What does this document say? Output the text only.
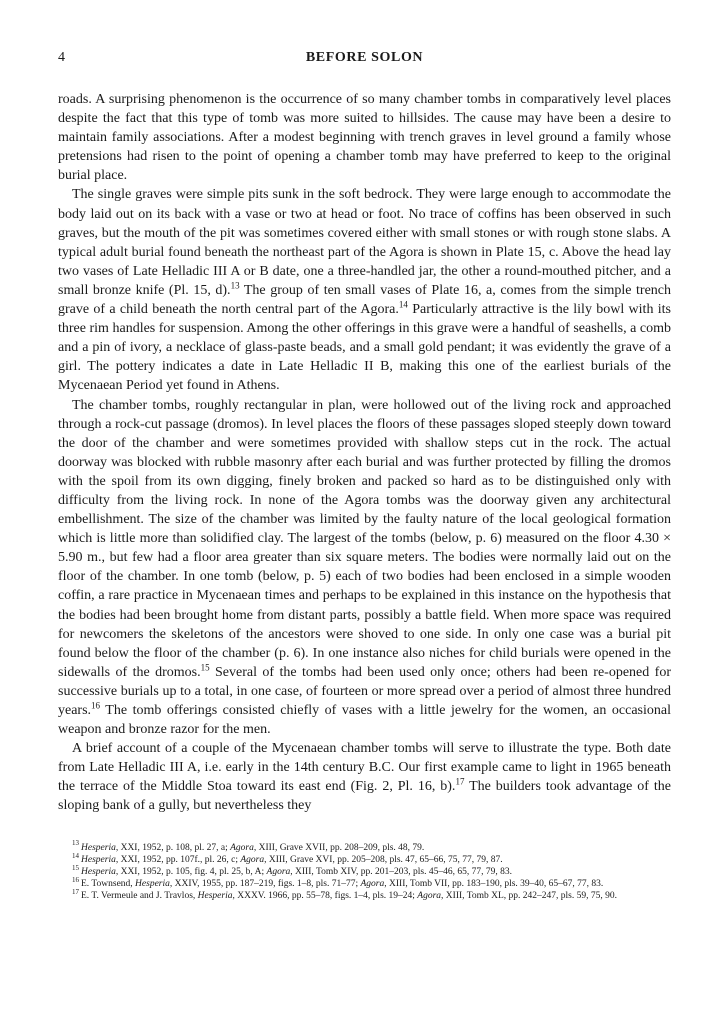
4	BEFORE SOLON

roads. A surprising phenomenon is the occurrence of so many chamber tombs in comparatively level places despite the fact that this type of tomb was more suited to hillsides. The cause may have been a desire to maintain family associations. After a modest beginning with trench graves in level ground a family whose pretensions had risen to the point of opening a chamber tomb may have preferred to keep to the original burial place.

The single graves were simple pits sunk in the soft bedrock. They were large enough to accommodate the body laid out on its back with a vase or two at head or foot. No trace of coffins has been observed in such graves, but the mouth of the pit was sometimes covered either with small stones or with rough stone slabs. A typical adult burial found beneath the northeast part of the Agora is shown in Plate 15, c. Above the head lay two vases of Late Helladic III A or B date, one a three-handled jar, the other a round-mouthed pitcher, and a small bronze knife (Pl. 15, d).$^{13}$ The group of ten small vases of Plate 16, a, comes from the simple trench grave of a child beneath the north central part of the Agora.$^{14}$ Particularly attractive is the lily bowl with its three rim handles for suspension. Among the other offerings in this grave were a handful of seashells, a comb and a pin of ivory, a necklace of glass-paste beads, and a small gold pendant; it was evidently the grave of a girl. The pottery indicates a date in Late Helladic II B, making this one of the earliest burials of the Mycenaean Period yet found in Athens.

The chamber tombs, roughly rectangular in plan, were hollowed out of the living rock and approached through a rock-cut passage (dromos). In level places the floors of these passages sloped steeply down toward the door of the chamber and were sometimes provided with shallow steps cut in the rock. The actual doorway was blocked with rubble masonry after each burial and was further protected by filling the dromos with the spoil from its own digging, finely broken and packed so hard as to be distinguished only with difficulty from the living rock. In none of the Agora tombs was the doorway given any architectural embellishment. The size of the chamber was limited by the faulty nature of the local geological formation which is little more than solidified clay. The largest of the tombs (below, p. 6) measured on the floor 4.30 × 5.90 m., but few had a floor area greater than six square meters. The bodies were normally laid out on the floor of the chamber. In one tomb (below, p. 5) each of two bodies had been enclosed in a simple wooden coffin, a rare practice in Mycenaean times and perhaps to be explained in this instance on the hypothesis that the bodies had been brought home from distant parts, possibly a battle field. When more space was required for newcomers the skeletons of the ancestors were shoved to one side. In only one case was a burial pit found below the floor of the chamber (p. 6). In one instance also niches for child burials were opened in the sidewalls of the dromos.$^{15}$ Several of the tombs had been used only once; others had been re-opened for successive burials up to a total, in one case, of fourteen or more spread over a period of almost three hundred years.$^{16}$ The tomb offerings consisted chiefly of vases with a little jewelry for the women, an occasional weapon and bronze razor for the men.

A brief account of a couple of the Mycenaean chamber tombs will serve to illustrate the type. Both date from Late Helladic III A, i.e. early in the 14th century B.C. Our first example came to light in 1965 beneath the terrace of the Middle Stoa toward its east end (Fig. 2, Pl. 16, b).$^{17}$ The builders took advantage of the sloping bank of a gully, but nevertheless they

$^{13}$ Hesperia, XXI, 1952, p. 108, pl. 27, a; Agora, XIII, Grave XVII, pp. 208–209, pls. 48, 79.

$^{14}$ Hesperia, XXI, 1952, pp. 107f., pl. 26, c; Agora, XIII, Grave XVI, pp. 205–208, pls. 47, 65–66, 75, 77, 79, 87.

$^{15}$ Hesperia, XXI, 1952, p. 105, fig. 4, pl. 25, b, A; Agora, XIII, Tomb XIV, pp. 201–203, pls. 45–46, 65, 77, 79, 83.

$^{16}$ E. Townsend, Hesperia, XXIV, 1955, pp. 187–219, figs. 1–8, pls. 71–77; Agora, XIII, Tomb VII, pp. 183–190, pls. 39–40, 65–67, 77, 83.

$^{17}$ E. T. Vermeule and J. Travlos, Hesperia, XXXV. 1966, pp. 55–78, figs. 1–4, pls. 19–24; Agora, XIII, Tomb XL, pp. 242–247, pls. 59, 75, 90.
